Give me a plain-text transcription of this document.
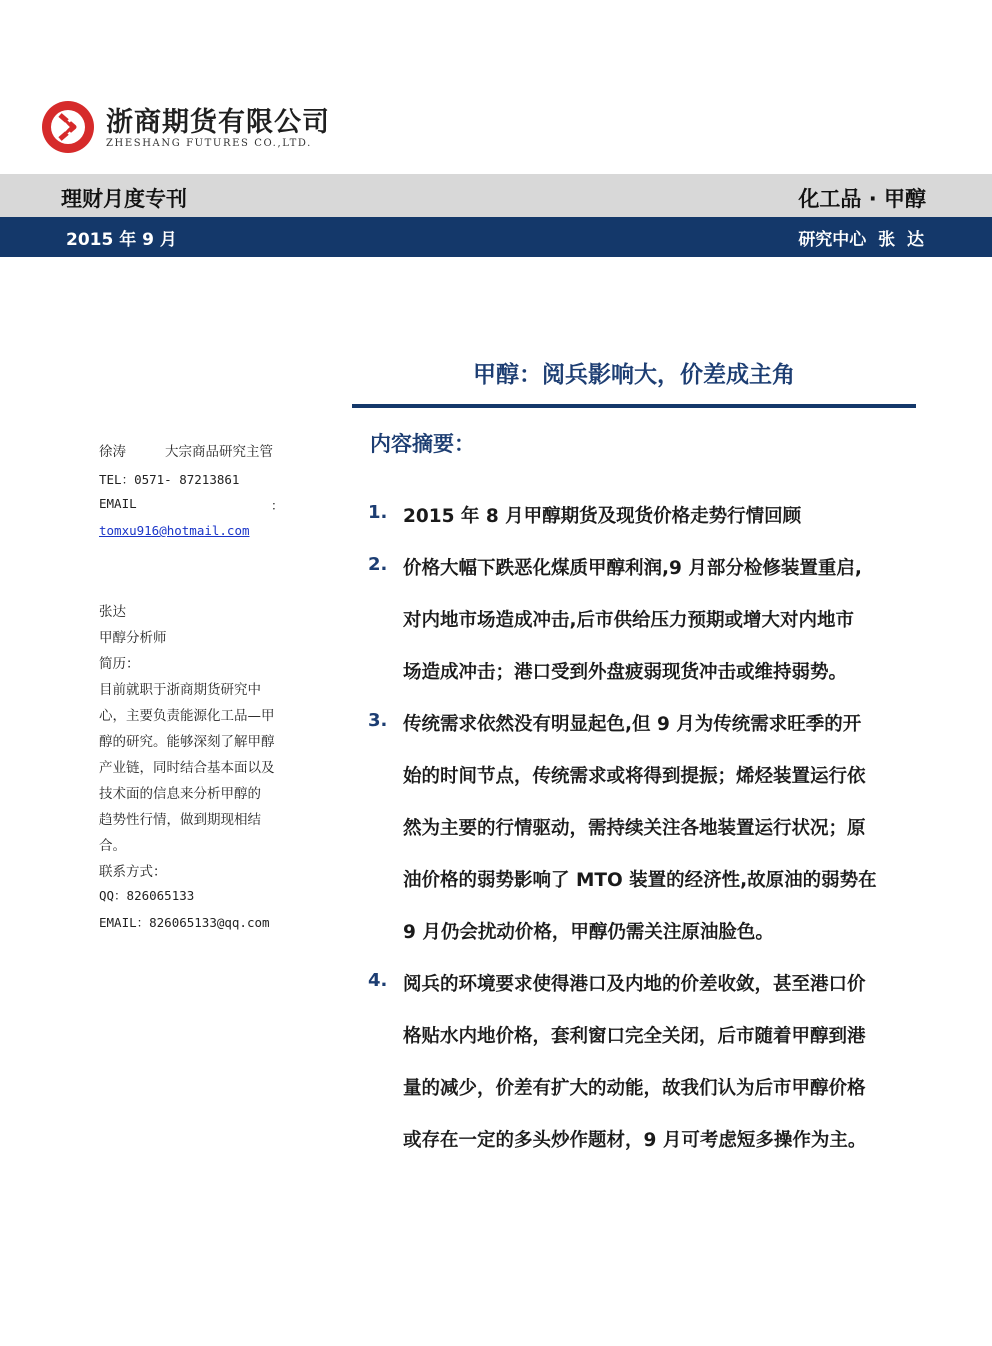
浙商期货有限公司
ZHESHANG FUTURES CO.,LTD.
理财月度专刊	化工品 · 甲醇
2015 年 9 月	研究中心  张  达
甲醇：阅兵影响大，价差成主角
徐涛	大宗商品研究主管
TEL：0571- 87213861
EMAIL	：
tomxu916@hotmail.com
张达
甲醇分析师
简历：
目前就职于浙商期货研究中
心，主要负责能源化工品—甲
醇的研究。能够深刻了解甲醇
产业链，同时结合基本面以及
技术面的信息来分析甲醇的
趋势性行情，做到期现相结
合。
联系方式：
QQ：826065133
EMAIL：826065133@qq.com
内容摘要：
1. 2015 年 8 月甲醇期货及现货价格走势行情回顾
2. 价格大幅下跌恶化煤质甲醇利润,9 月部分检修装置重启,
对内地市场造成冲击,后市供给压力预期或增大对内地市
场造成冲击；港口受到外盘疲弱现货冲击或维持弱势。
3. 传统需求依然没有明显起色,但 9 月为传统需求旺季的开
始的时间节点，传统需求或将得到提振；烯烃装置运行依
然为主要的行情驱动，需持续关注各地装置运行状况；原
油价格的弱势影响了 MTO 装置的经济性,故原油的弱势在
9 月仍会扰动价格，甲醇仍需关注原油脸色。
4. 阅兵的环境要求使得港口及内地的价差收敛，甚至港口价
格贴水内地价格，套利窗口完全关闭，后市随着甲醇到港
量的减少，价差有扩大的动能，故我们认为后市甲醇价格
或存在一定的多头炒作题材，9 月可考虑短多操作为主。
